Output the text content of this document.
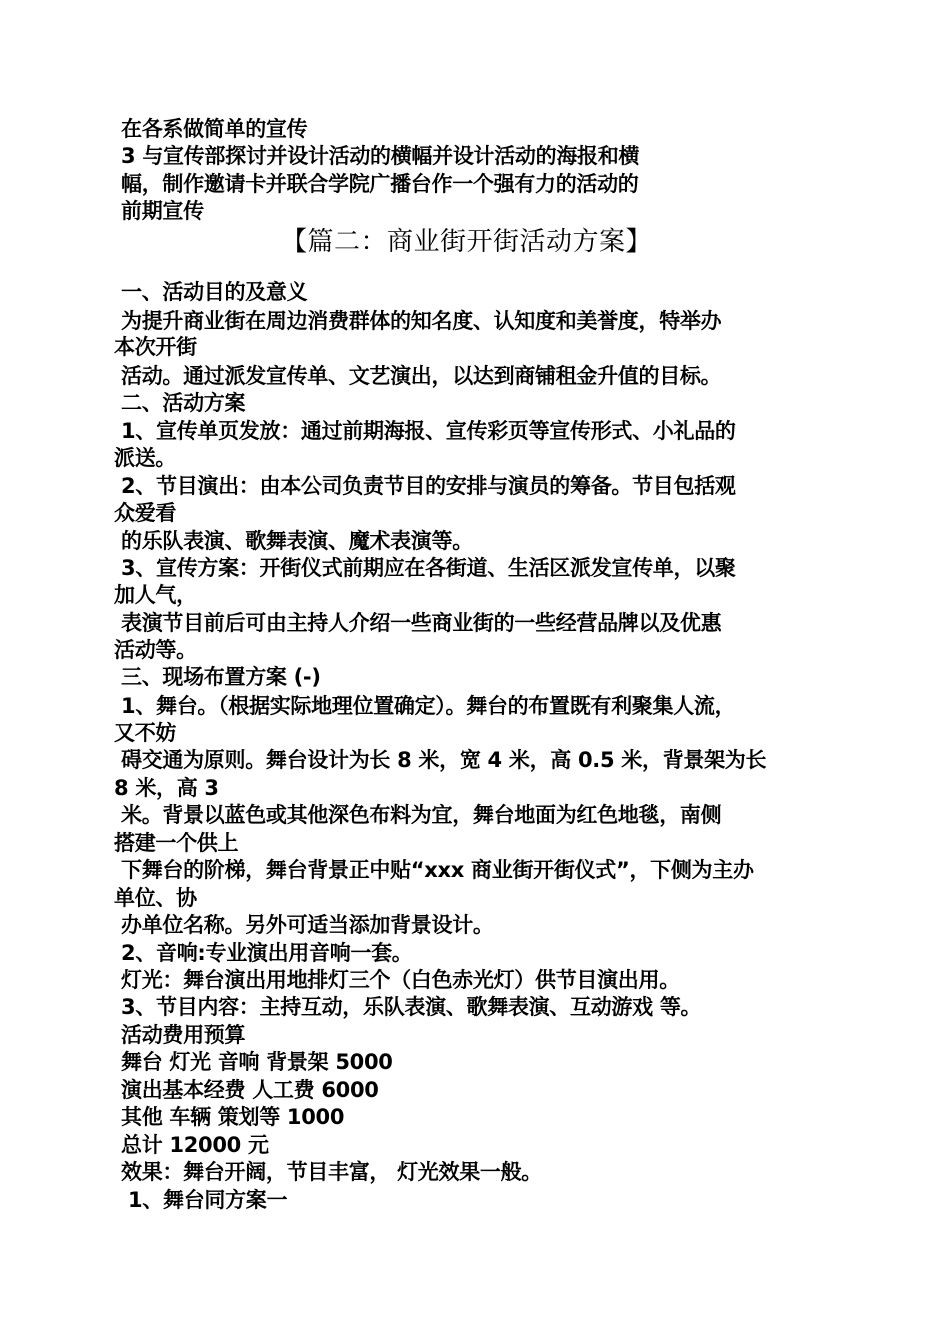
在各系做简单的宣传
3 与宣传部探讨并设计活动的横幅并设计活动的海报和横
幅，制作邀请卡并联合学院广播台作一个强有力的活动的
前期宣传
【篇二：商业街开街活动方案】
一、活动目的及意义
为提升商业街在周边消费群体的知名度、认知度和美誉度，特举办
本次开街
活动。通过派发宣传单、文艺演出，以达到商铺租金升值的目标。
二、活动方案
1、宣传单页发放：通过前期海报、宣传彩页等宣传形式、小礼品的
派送。
2、节目演出：由本公司负责节目的安排与演员的筹备。节目包括观
众爱看
的乐队表演、歌舞表演、魔术表演等。
3、宣传方案：开街仪式前期应在各街道、生活区派发宣传单，以聚
加人气，
表演节目前后可由主持人介绍一些商业街的一些经营品牌以及优惠
活动等。
三、现场布置方案 (-)
1、舞台。（根据实际地理位置确定）。舞台的布置既有利聚集人流，
又不妨
碍交通为原则。舞台设计为长 8 米，宽 4 米，高 0.5 米，背景架为长
8 米，高 3
米。背景以蓝色或其他深色布料为宜，舞台地面为红色地毯，南侧
搭建一个供上
下舞台的阶梯，舞台背景正中贴“xxx 商业街开街仪式”，下侧为主办
单位、协
办单位名称。另外可适当添加背景设计。
2、音响:专业演出用音响一套。
灯光：舞台演出用地排灯三个（白色赤光灯）供节目演出用。
3、节目内容：主持互动，乐队表演、歌舞表演、互动游戏 等。
活动费用预算
舞台 灯光 音响 背景架 5000
演出基本经费 人工费 6000
其他 车辆 策划等 1000
总计 12000 元
效果：舞台开阔，节目丰富， 灯光效果一般。
1、舞台同方案一
